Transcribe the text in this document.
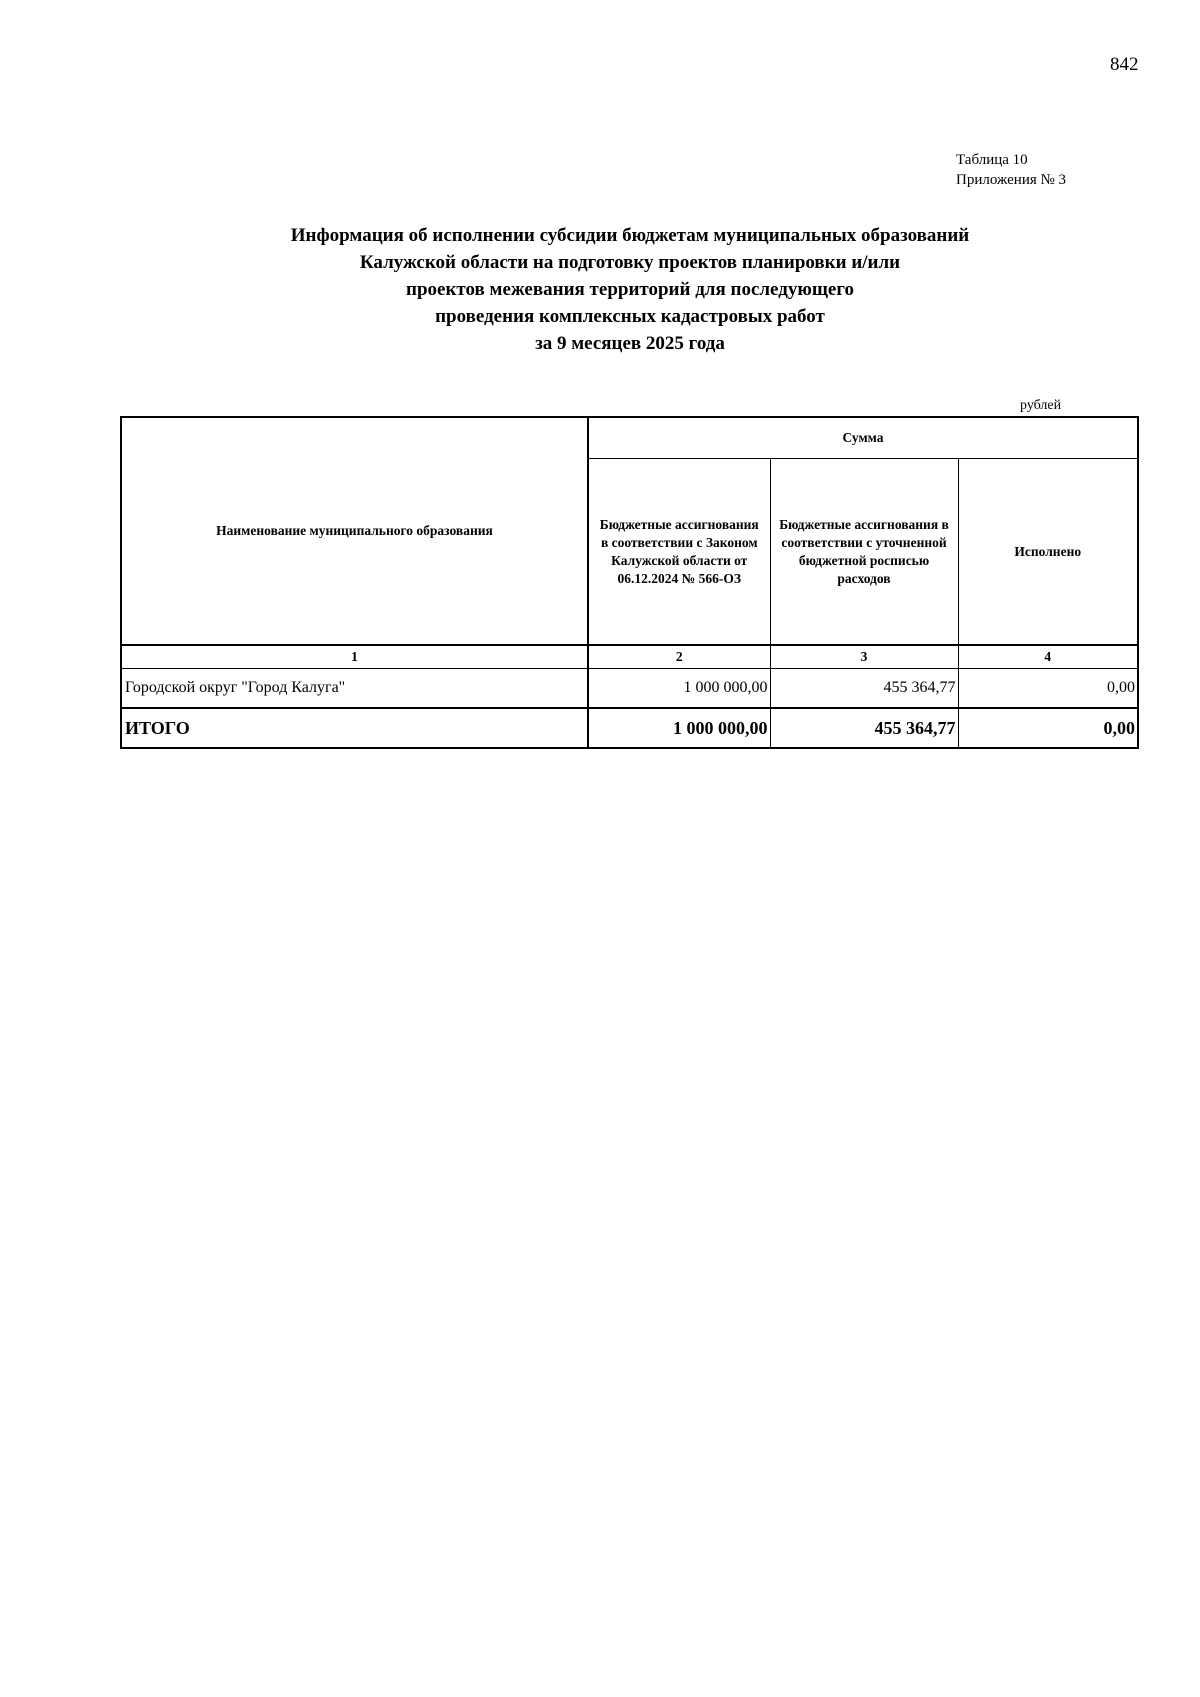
842
Таблица 10
Приложения № 3
Информация об исполнении субсидии бюджетам муниципальных образований
Калужской области на подготовку проектов планировки и/или
проектов межевания территорий для последующего
проведения комплексных кадастровых работ
за 9 месяцев 2025 года
рублей
Наименование муниципального образования	Сумма		
	Бюджетные ассигнования в соответствии с Законом Калужской области от 06.12.2024 № 566-ОЗ	Бюджетные ассигнования в соответствии с уточненной бюджетной росписью расходов	Исполнено
1	2	3	4
Городской округ "Город Калуга"	1 000 000,00	455 364,77	0,00
ИТОГО	1 000 000,00	455 364,77	0,00
